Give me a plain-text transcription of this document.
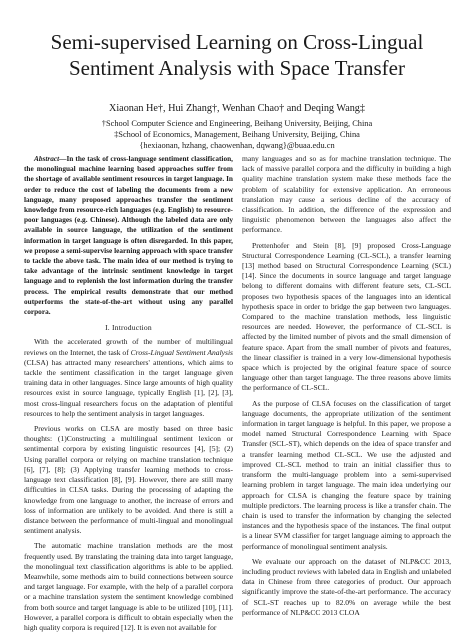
Semi-supervised Learning on Cross-Lingual
Sentiment Analysis with Space Transfer
Xiaonan He†, Hui Zhang†, Wenhan Chao† and Deqing Wang‡
†School Computer Science and Engineering, Beihang University, Beijing, China
‡School of Economics, Management, Beihang University, Beijing, China
{hexiaonan, hzhang, chaowenhan, dqwang}@buaa.edu.cn

Abstract—In the task of cross-language sentiment classification, the monolingual machine learning based approaches suffer from the shortage of available sentiment resources in target language. In order to reduce the cost of labeling the documents from a new language, many proposed approaches transfer the sentiment knowledge from resource-rich languages (e.g. English) to resource-poor languages (e.g. Chinese). Although the labeled data are only available in source language, the utilization of the sentiment information in target language is often disregarded. In this paper, we propose a semi-supervise learning approach with space transfer to tackle the above task. The main idea of our method is trying to take advantage of the intrinsic sentiment knowledge in target language and to replenish the lost information during the transfer process. The empirical results demonstrate that our method outperforms the state-of-the-art without using any parallel corpora.

I. Introduction

With the accelerated growth of the number of multilingual reviews on the Internet, the task of Cross-Lingual Sentiment Analysis (CLSA) has attracted many researchers' attentions, which aims to tackle the sentiment classification in the target language given training data in other languages. Since large amounts of high quality resources exist in source language, typically English [1], [2], [3], most cross-lingual researchers focus on the adaptation of plentiful resources to help the sentiment analysis in target languages.

Previous works on CLSA are mostly based on three basic thoughts: (1)Constructing a multilingual sentiment lexicon or sentimental corpora by existing linguistic resources [4], [5]; (2) Using parallel corpora or relying on machine translation technique [6], [7], [8]; (3) Applying transfer learning methods to cross-language text classification [8], [9]. However, there are still many difficulties in CLSA tasks. During the processing of adapting the knowledge from one language to another, the increase of errors and loss of information are unlikely to be avoided. And there is still a distance between the performance of multi-lingual and monolingual sentiment analysis.

The automatic machine translation methods are the most frequently used. By translating the training data into target language, the monolingual text classification algorithms is able to be applied. Meanwhile, some methods aim to build connections between source and target language. For example, with the help of a parallel corpora or a machine translation system the sentiment knowledge combined from both source and target language is able to be utilized [10], [11]. However, a parallel corpora is difficult to obtain especially when the high quality corpora is required [12]. It is even not available for

many languages and so as for machine translation technique. The lack of massive parallel corpora and the difficulty in building a high quality machine translation system make these methods face the problem of scalability for extensive application. An erroneous translation may cause a serious decline of the accuracy of classification. In addition, the difference of the expression and linguistic phenomenon between the languages also affect the performance.

Prettenhofer and Stein [8], [9] proposed Cross-Language Structural Correspondence Learning (CL-SCL), a transfer learning [13] method based on Structural Correspondence Learning (SCL) [14]. Since the documents in source language and target language belong to different domains with different feature sets, CL-SCL proposes two hypothesis spaces of the languages into an identical hypothesis space in order to bridge the gap between two languages. Compared to the machine translation methods, less linguistic resources are needed. However, the performance of CL-SCL is affected by the limited number of pivots and the small dimension of feature space. Apart from the small number of pivots and features, the linear classifier is trained in a very low-dimensional hypothesis space which is projected by the original feature space of source language other than target language. The three reasons above limits the performance of CL-SCL.

As the purpose of CLSA focuses on the classification of target language documents, the appropriate utilization of the sentiment information in target language is helpful. In this paper, we propose a model named Structural Correspondence Learning with Space Transfer (SCL-ST), which depends on the idea of space transfer and a transfer learning method CL-SCL. We use the adjusted and improved CL-SCL method to train an initial classifier thus to transform the multi-language problem into a semi-supervised learning problem in target language. The main idea underlying our approach for CLSA is changing the feature space by training multiple predictors. The learning process is like a transfer chain. The chain is used to transfer the information by changing the selected instances and the hypothesis space of the instances. The final output is a linear SVM classifier for target language aiming to approach the performance of monolingual sentiment analysis.

We evaluate our approach on the dataset of NLP&CC 2013, including product reviews with labeled data in English and unlabeled data in Chinese from three categories of product. Our approach significantly improve the state-of-the-art performance. The accuracy of SCL-ST reaches up to 82.0% on average while the best performance of NLP&CC 2013 CLOA
